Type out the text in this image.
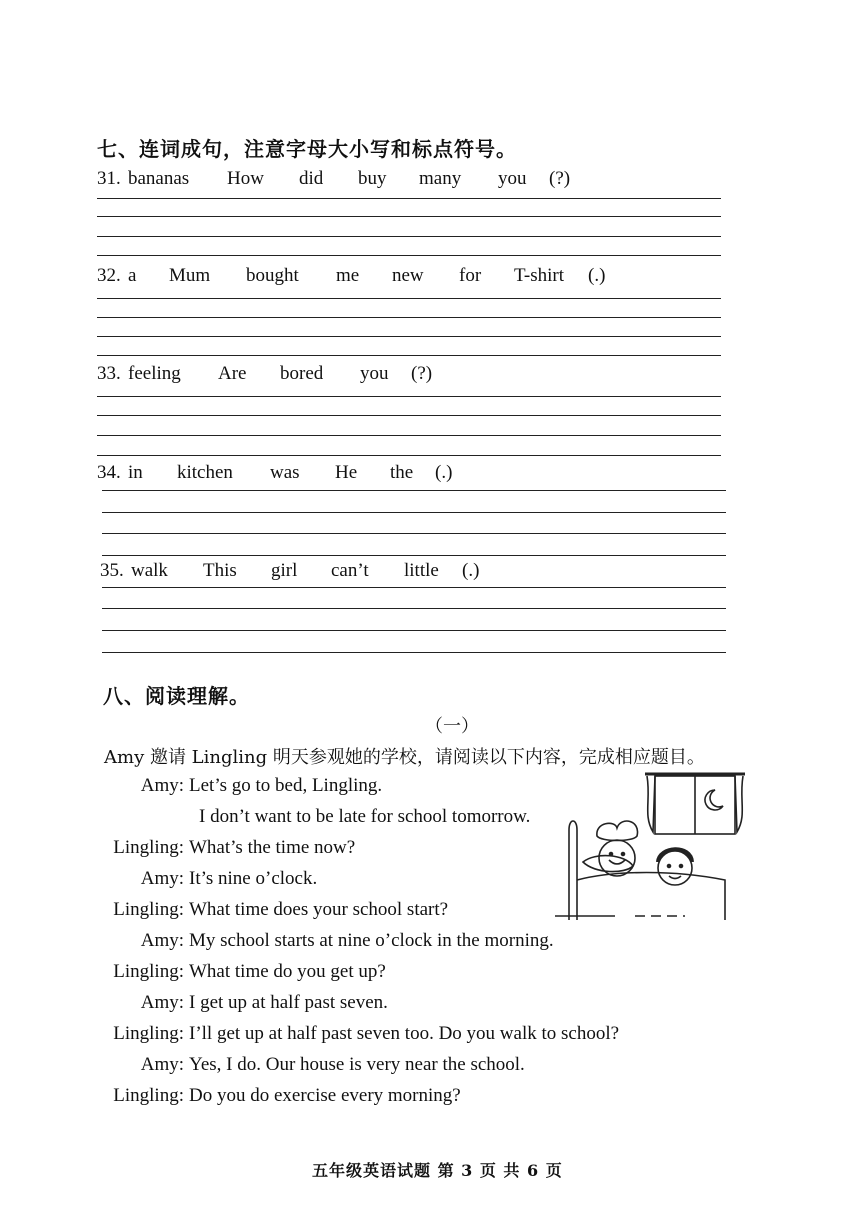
七、连词成句，注意字母大小写和标点符号。
31. bananas How did buy many you (?)
32. a Mum bought me new for T-shirt (.)
33. feeling Are bored you (?)
34. in kitchen was He the (.)
35. walk This girl can’t little (.)
八、阅读理解。
（一）
Amy 邀请 Lingling 明天参观她的学校，请阅读以下内容，完成相应题目。
Amy: Let’s go to bed, Lingling.
I don’t want to be late for school tomorrow.
Lingling: What’s the time now?
Amy: It’s nine o’clock.
Lingling: What time does your school start?
Amy: My school starts at nine o’clock in the morning.
Lingling: What time do you get up?
Amy: I get up at half past seven.
Lingling: I’ll get up at half past seven too. Do you walk to school?
Amy: Yes, I do. Our house is very near the school.
Lingling: Do you do exercise every morning?
五年级英语试题 第 3 页 共 6 页
